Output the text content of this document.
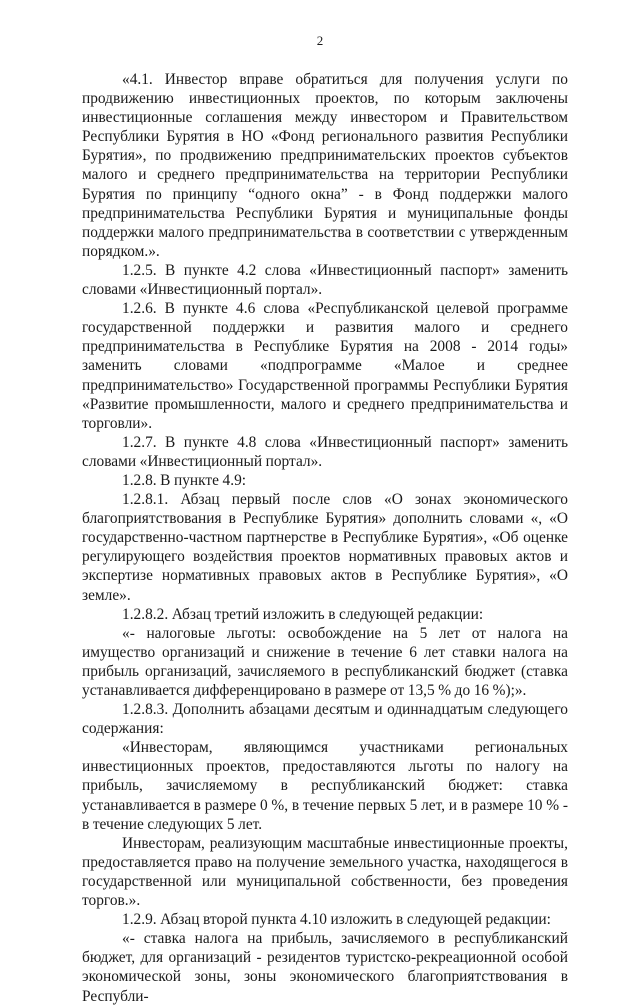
2

«4.1. Инвестор вправе обратиться для получения услуги по продвижению инвестиционных проектов, по которым заключены инвестиционные соглашения между инвестором и Правительством Республики Бурятия в НО «Фонд регионального развития Республики Бурятия», по продвижению предпринимательских проектов субъектов малого и среднего предпринимательства на территории Республики Бурятия по принципу “одного окна” - в Фонд поддержки малого предпринимательства Республики Бурятия и муниципальные фонды поддержки малого предпринимательства в соответствии с утвержденным порядком.».

1.2.5. В пункте 4.2 слова «Инвестиционный паспорт» заменить словами «Инвестиционный портал».

1.2.6. В пункте 4.6 слова «Республиканской целевой программе государственной поддержки и развития малого и среднего предпринимательства в Республике Бурятия на 2008 - 2014 годы» заменить словами «подпрограмме «Малое и среднее предпринимательство» Государственной программы Республики Бурятия «Развитие промышленности, малого и среднего предпринимательства и торговли».

1.2.7. В пункте 4.8 слова «Инвестиционный паспорт» заменить словами «Инвестиционный портал».

1.2.8. В пункте 4.9:

1.2.8.1. Абзац первый после слов «О зонах экономического благоприятствования в Республике Бурятия» дополнить словами «, «О государственно-частном партнерстве в Республике Бурятия», «Об оценке регулирующего воздействия проектов нормативных правовых актов и экспертизе нормативных правовых актов в Республике Бурятия», «О земле».

1.2.8.2. Абзац третий изложить в следующей редакции:

«- налоговые льготы: освобождение на 5 лет от налога на имущество организаций и снижение в течение 6 лет ставки налога на прибыль организаций, зачисляемого в республиканский бюджет (ставка устанавливается дифференцировано в размере от 13,5 % до 16 %);».

1.2.8.3. Дополнить абзацами десятым и одиннадцатым следующего содержания:

«Инвесторам, являющимся участниками региональных инвестиционных проектов, предоставляются льготы по налогу на прибыль, зачисляемому в республиканский бюджет: ставка устанавливается в размере 0 %, в течение первых 5 лет, и в размере 10 % - в течение следующих 5 лет.

Инвесторам, реализующим масштабные инвестиционные проекты, предоставляется право на получение земельного участка, находящегося в государственной или муниципальной собственности, без проведения торгов.».

1.2.9. Абзац второй пункта 4.10 изложить в следующей редакции:

«- ставка налога на прибыль, зачисляемого в республиканский бюджет, для организаций - резидентов туристско-рекреационной особой экономической зоны, зоны экономического благоприятствования в Республи-
